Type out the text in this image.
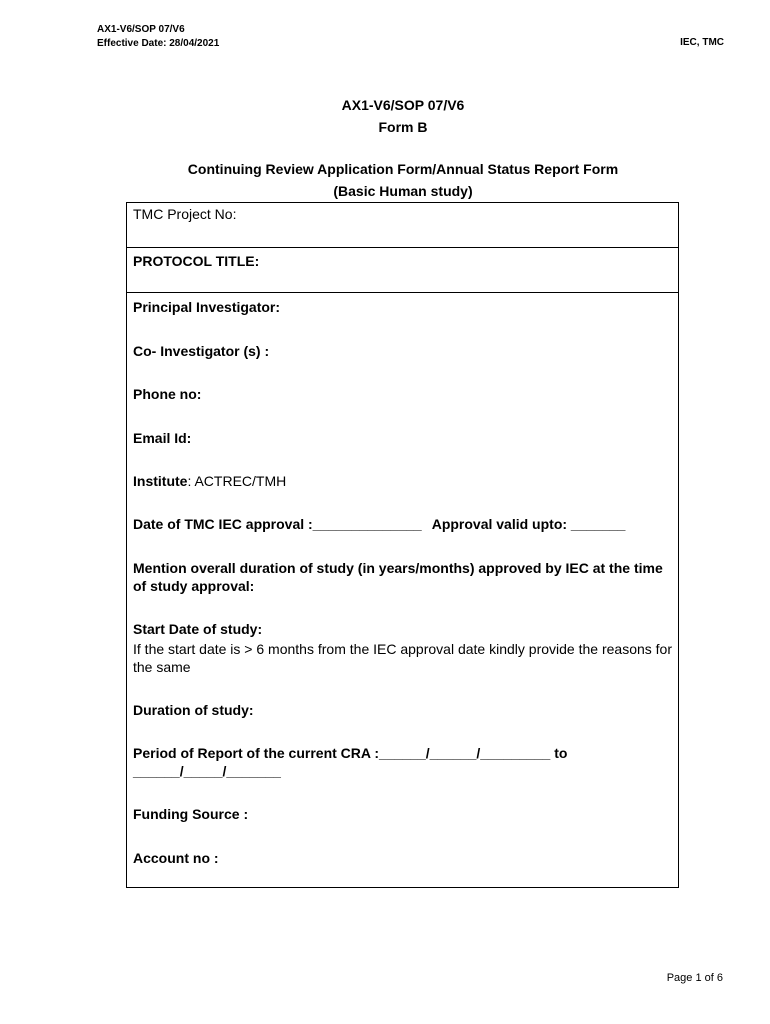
AX1-V6/SOP 07/V6
Effective Date: 28/04/2021	IEC, TMC
AX1-V6/SOP 07/V6
Form B
Continuing Review Application Form/Annual Status Report Form
(Basic Human study)
TMC Project No:
PROTOCOL TITLE:
Principal Investigator:
Co- Investigator (s) :
Phone no:
Email Id:
Institute: ACTREC/TMH
Date of TMC IEC approval :______________ Approval valid upto: _______
Mention overall duration of study (in years/months) approved by IEC at the time of study approval:
Start Date of study:
If the start date is > 6 months from the IEC approval date kindly provide the reasons for the same
Duration of study:
Period of Report of the current CRA :______/______/_________ to
______/_____/_______
Funding Source :
Account no :
Page 1 of 6
